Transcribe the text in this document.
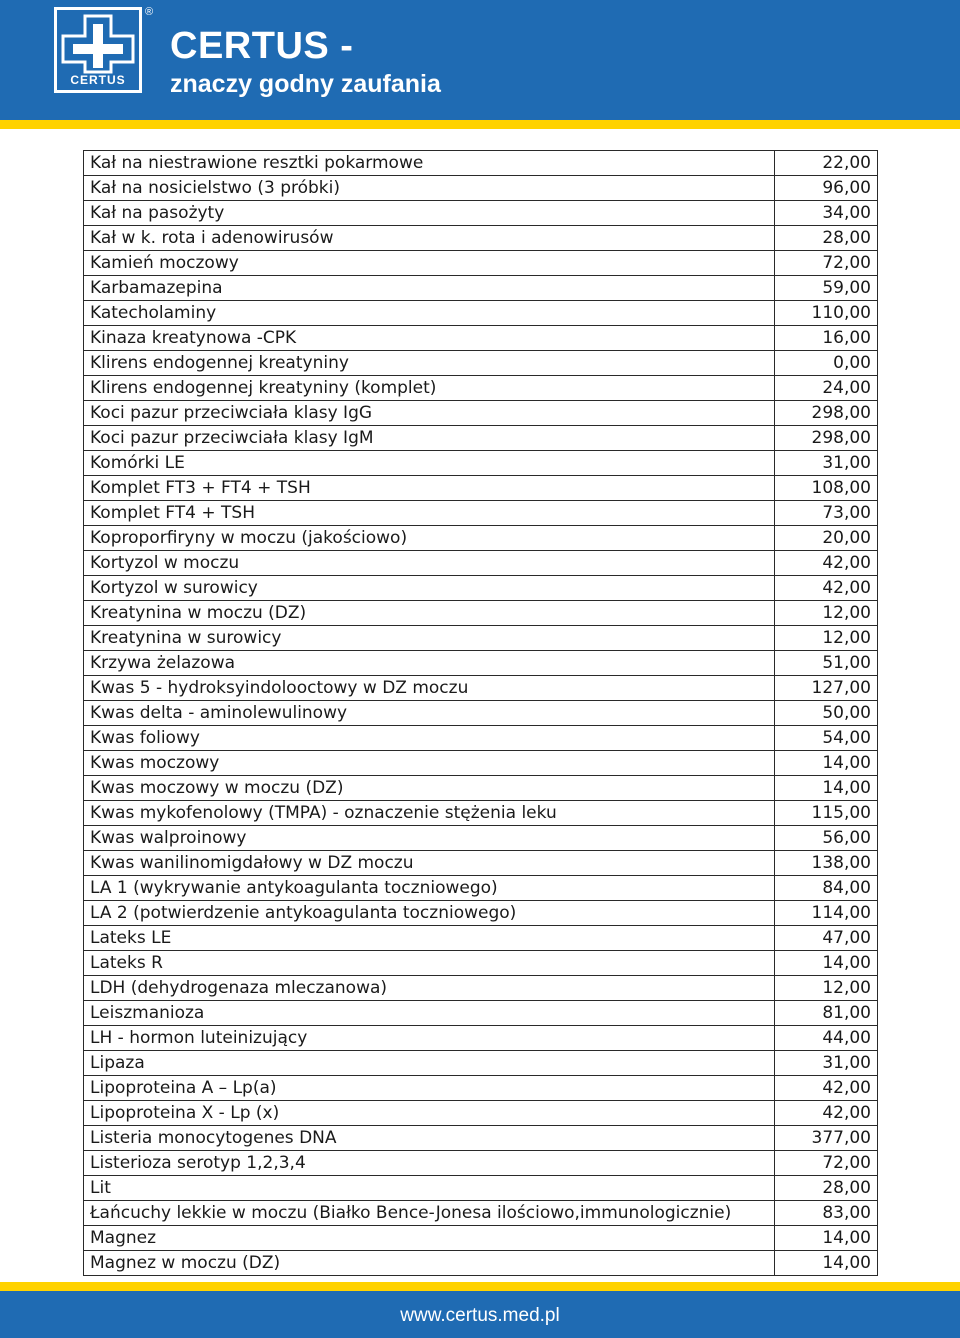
CERTUS
®
CERTUS -
znaczy godny zaufania
Kał na niestrawione resztki pokarmowe	22,00
Kał na nosicielstwo (3 próbki)	96,00
Kał na pasożyty	34,00
Kał w k. rota i adenowirusów	28,00
Kamień moczowy	72,00
Karbamazepina	59,00
Katecholaminy	110,00
Kinaza kreatynowa -CPK	16,00
Klirens endogennej kreatyniny	0,00
Klirens endogennej kreatyniny (komplet)	24,00
Koci pazur przeciwciała klasy IgG	298,00
Koci pazur przeciwciała klasy IgM	298,00
Komórki LE	31,00
Komplet FT3 + FT4 + TSH	108,00
Komplet FT4 + TSH	73,00
Koproporfiryny w moczu (jakościowo)	20,00
Kortyzol w moczu	42,00
Kortyzol w surowicy	42,00
Kreatynina w moczu (DZ)	12,00
Kreatynina w surowicy	12,00
Krzywa żelazowa	51,00
Kwas 5 - hydroksyindolooctowy w DZ moczu	127,00
Kwas delta - aminolewulinowy	50,00
Kwas foliowy	54,00
Kwas moczowy	14,00
Kwas moczowy w moczu (DZ)	14,00
Kwas mykofenolowy (TMPA) - oznaczenie stężenia leku	115,00
Kwas walproinowy	56,00
Kwas wanilinomigdałowy w DZ moczu	138,00
LA 1 (wykrywanie antykoagulanta toczniowego)	84,00
LA 2 (potwierdzenie antykoagulanta toczniowego)	114,00
Lateks LE	47,00
Lateks R	14,00
LDH (dehydrogenaza mleczanowa)	12,00
Leiszmanioza	81,00
LH - hormon luteinizujący	44,00
Lipaza	31,00
Lipoproteina A – Lp(a)	42,00
Lipoproteina X - Lp (x)	42,00
Listeria monocytogenes DNA	377,00
Listerioza serotyp 1,2,3,4	72,00
Lit	28,00
Łańcuchy lekkie w moczu (Białko Bence-Jonesa ilościowo,immunologicznie)	83,00
Magnez	14,00
Magnez w moczu (DZ)	14,00
www.certus.med.pl
